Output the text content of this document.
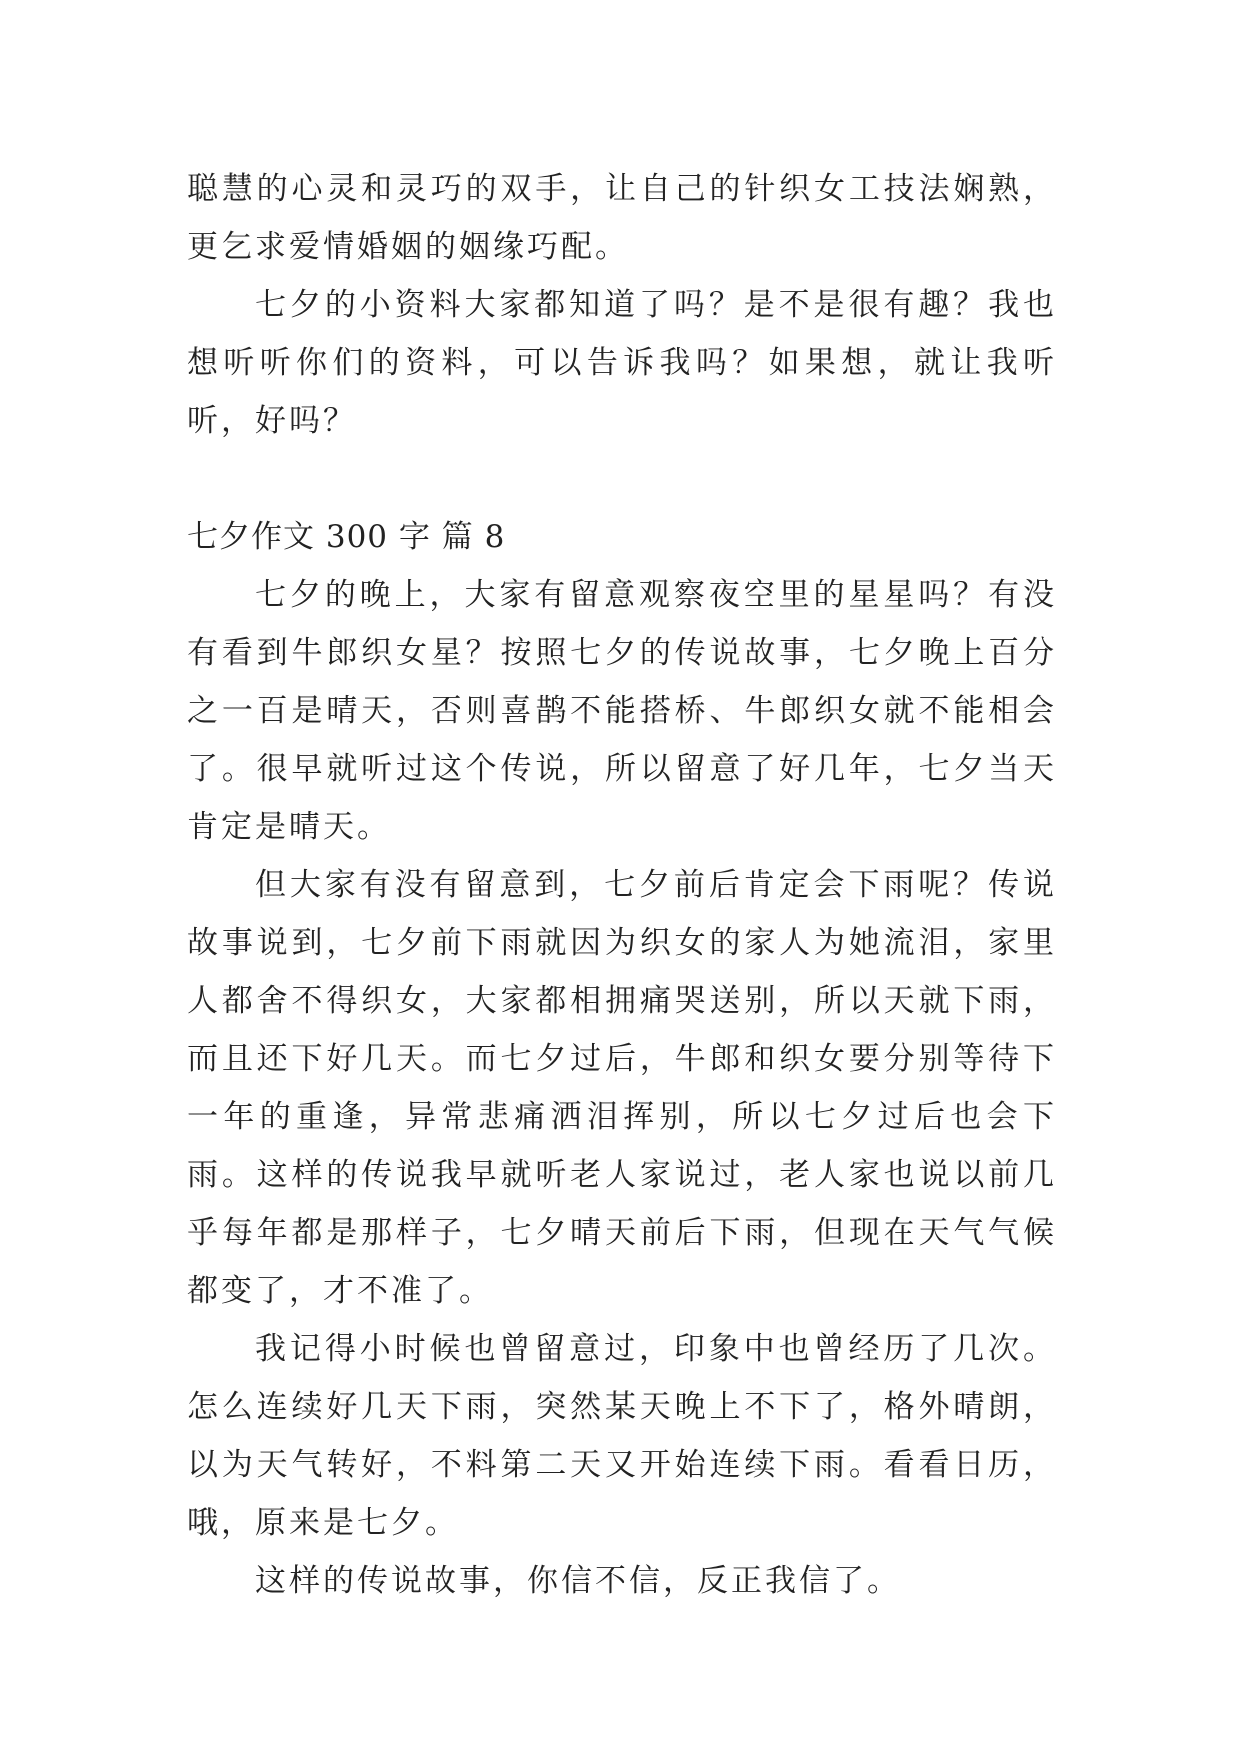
聪慧的心灵和灵巧的双手，让自己的针织女工技法娴熟，更乞求爱情婚姻的姻缘巧配。

七夕的小资料大家都知道了吗？是不是很有趣？我也想听听你们的资料，可以告诉我吗？如果想，就让我听听，好吗？

七夕作文 300 字 篇 8

七夕的晚上，大家有留意观察夜空里的星星吗？有没有看到牛郎织女星？按照七夕的传说故事，七夕晚上百分之一百是晴天，否则喜鹊不能搭桥、牛郎织女就不能相会了。很早就听过这个传说，所以留意了好几年，七夕当天肯定是晴天。

但大家有没有留意到，七夕前后肯定会下雨呢？传说故事说到，七夕前下雨就因为织女的家人为她流泪，家里人都舍不得织女，大家都相拥痛哭送别，所以天就下雨，而且还下好几天。而七夕过后，牛郎和织女要分别等待下一年的重逢，异常悲痛洒泪挥别，所以七夕过后也会下雨。这样的传说我早就听老人家说过，老人家也说以前几乎每年都是那样子，七夕晴天前后下雨，但现在天气气候都变了，才不准了。

我记得小时候也曾留意过，印象中也曾经历了几次。怎么连续好几天下雨，突然某天晚上不下了，格外晴朗，以为天气转好，不料第二天又开始连续下雨。看看日历，哦，原来是七夕。

这样的传说故事，你信不信，反正我信了。
